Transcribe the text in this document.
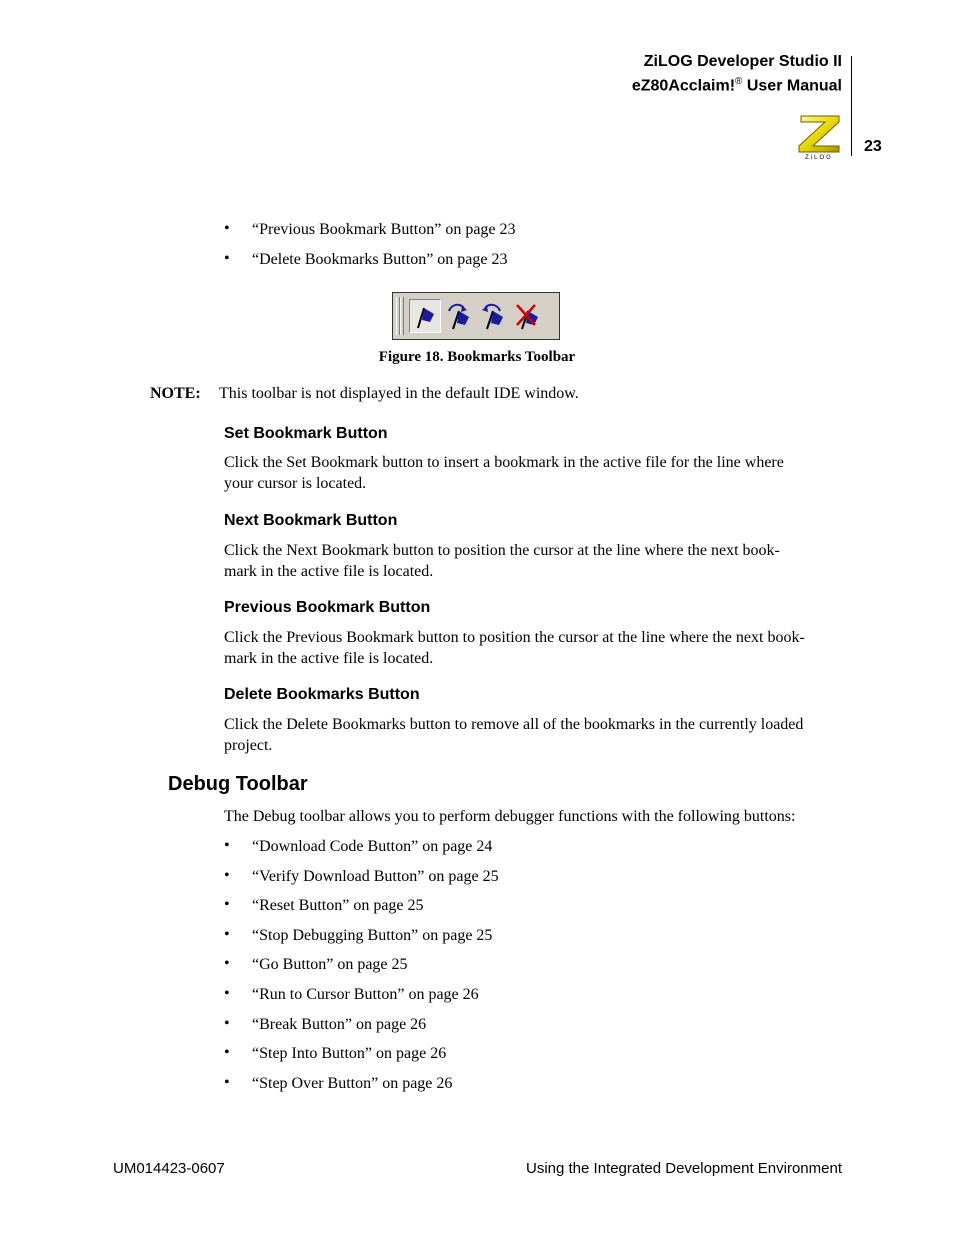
ZiLOG Developer Studio II
eZ80Acclaim!® User Manual
ZiLOG
23
• “Previous Bookmark Button” on page 23
• “Delete Bookmarks Button” on page 23
Figure 18. Bookmarks Toolbar
NOTE: This toolbar is not displayed in the default IDE window.
Set Bookmark Button
Click the Set Bookmark button to insert a bookmark in the active file for the line where
your cursor is located.
Next Bookmark Button
Click the Next Bookmark button to position the cursor at the line where the next book-
mark in the active file is located.
Previous Bookmark Button
Click the Previous Bookmark button to position the cursor at the line where the next book-
mark in the active file is located.
Delete Bookmarks Button
Click the Delete Bookmarks button to remove all of the bookmarks in the currently loaded
project.
Debug Toolbar
The Debug toolbar allows you to perform debugger functions with the following buttons:
• “Download Code Button” on page 24
• “Verify Download Button” on page 25
• “Reset Button” on page 25
• “Stop Debugging Button” on page 25
• “Go Button” on page 25
• “Run to Cursor Button” on page 26
• “Break Button” on page 26
• “Step Into Button” on page 26
• “Step Over Button” on page 26
UM014423-0607	Using the Integrated Development Environment
